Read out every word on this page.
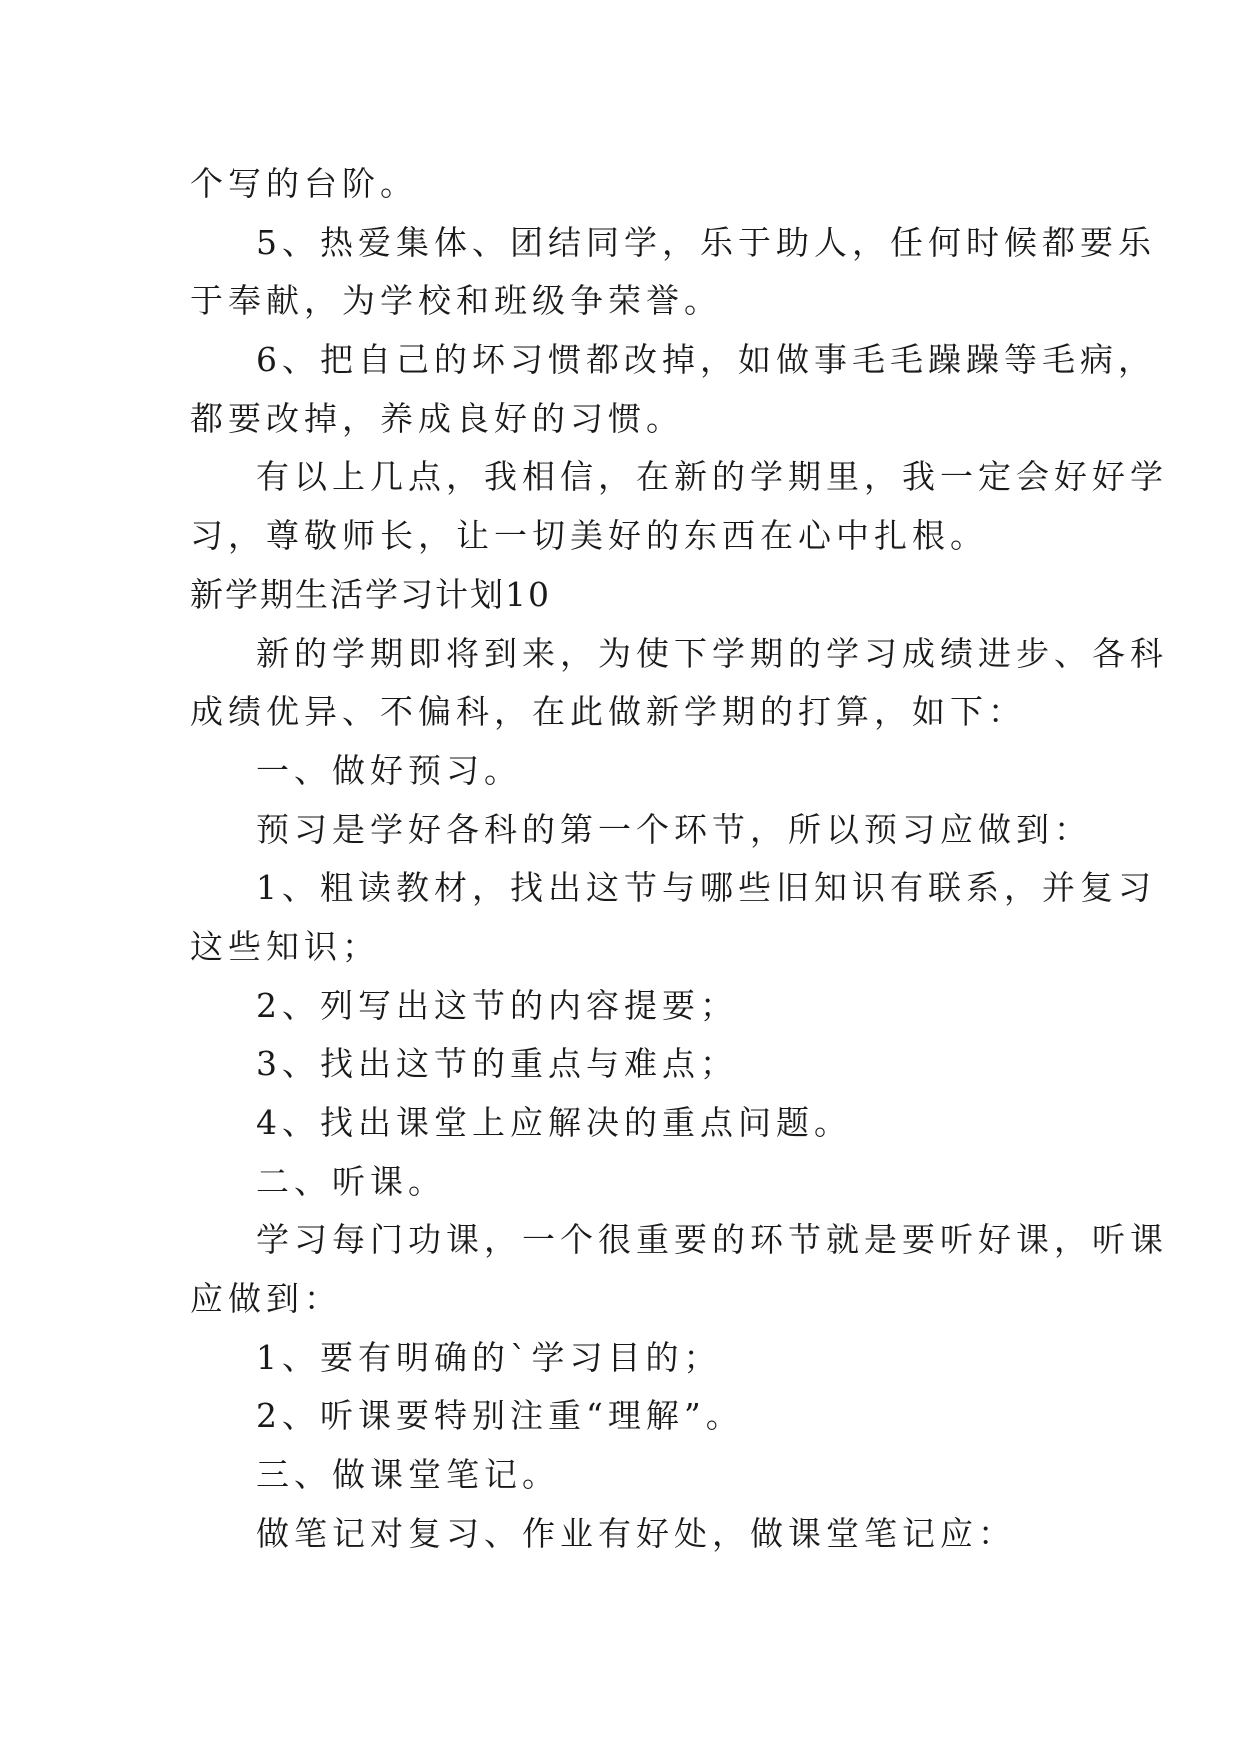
个写的台阶。
5、热爱集体、团结同学，乐于助人，任何时候都要乐
于奉献，为学校和班级争荣誉。
6、把自己的坏习惯都改掉，如做事毛毛躁躁等毛病，
都要改掉，养成良好的习惯。
有以上几点，我相信，在新的学期里，我一定会好好学
习，尊敬师长，让一切美好的东西在心中扎根。
新学期生活学习计划10
新的学期即将到来，为使下学期的学习成绩进步、各科
成绩优异、不偏科，在此做新学期的打算，如下：
一、做好预习。
预习是学好各科的第一个环节，所以预习应做到：
1、粗读教材，找出这节与哪些旧知识有联系，并复习
这些知识；
2、列写出这节的内容提要；
3、找出这节的重点与难点；
4、找出课堂上应解决的重点问题。
二、听课。
学习每门功课，一个很重要的环节就是要听好课，听课
应做到：
1、要有明确的`学习目的；
2、听课要特别注重“理解”。
三、做课堂笔记。
做笔记对复习、作业有好处，做课堂笔记应：
